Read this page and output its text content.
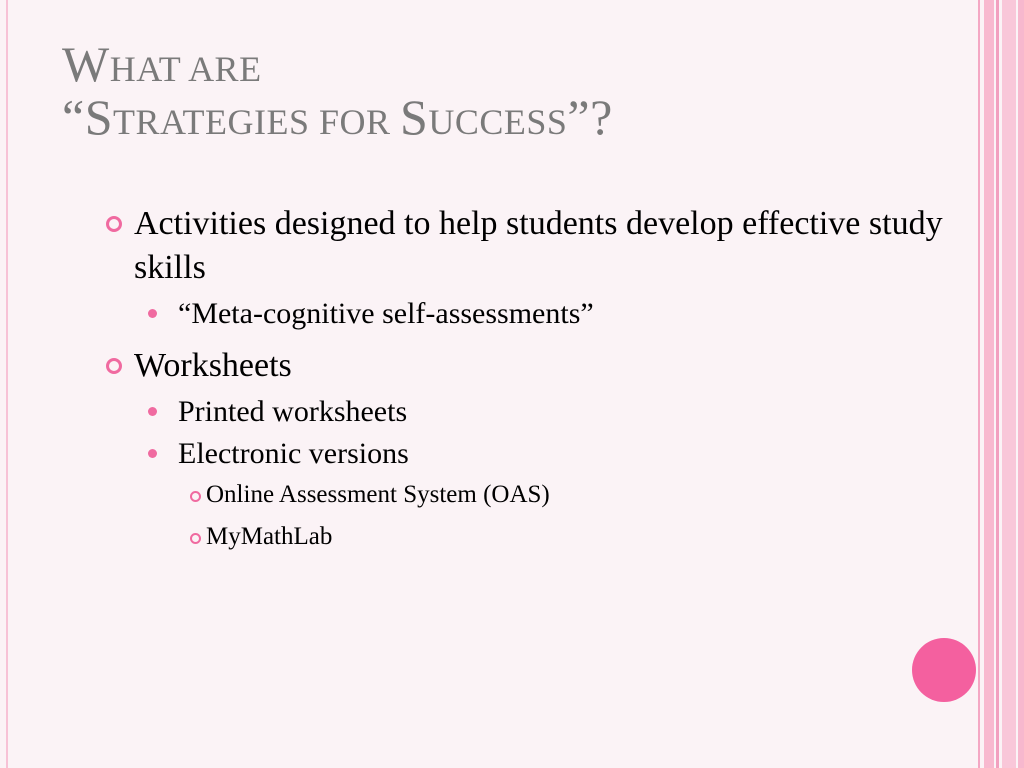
WHAT ARE
“STRATEGIES FOR SUCCESS”?
Activities designed to help students develop effective study skills
“Meta-cognitive self-assessments”
Worksheets
Printed worksheets
Electronic versions
Online Assessment System (OAS)
MyMathLab
